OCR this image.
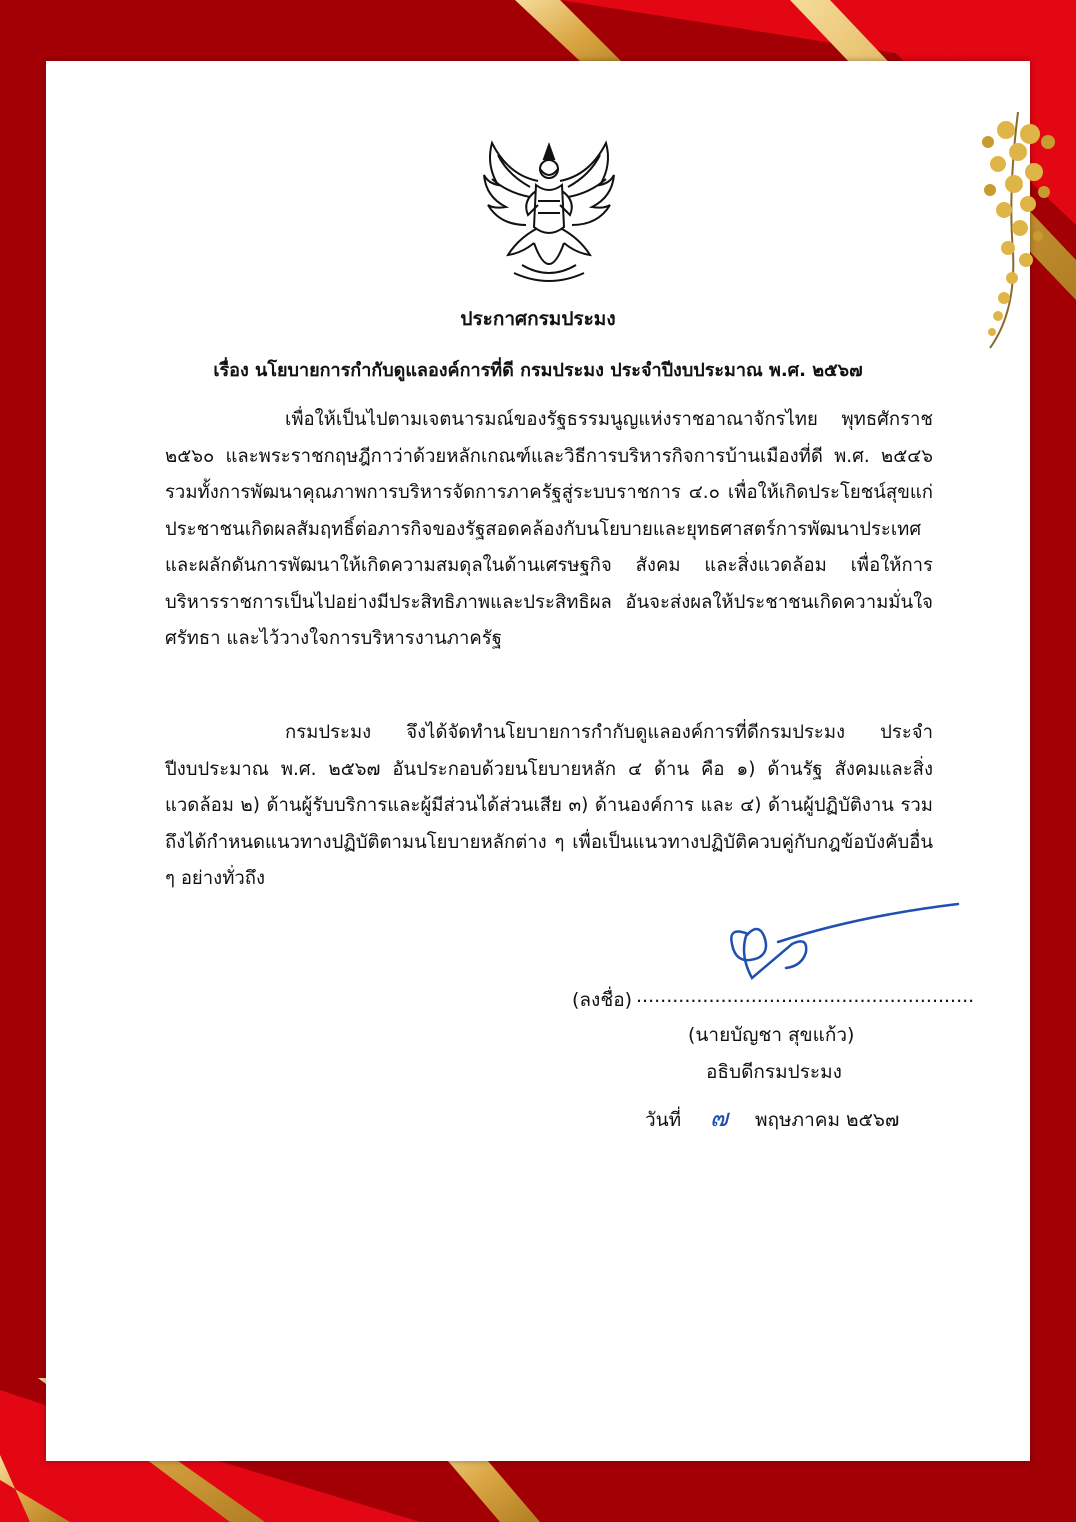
ประกาศกรมประมง
เรื่อง นโยบายการกำกับดูแลองค์การที่ดี กรมประมง ประจำปีงบประมาณ พ.ศ. ๒๕๖๗

เพื่อให้เป็นไปตามเจตนารมณ์ของรัฐธรรมนูญแห่งราชอาณาจักรไทย พุทธศักราช ๒๕๖๐ และพระราชกฤษฎีกาว่าด้วยหลักเกณฑ์และวิธีการบริหารกิจการบ้านเมืองที่ดี พ.ศ. ๒๕๔๖ รวมทั้งการพัฒนาคุณภาพการบริหารจัดการภาครัฐสู่ระบบราชการ ๔.๐ เพื่อให้เกิดประโยชน์สุขแก่ประชาชนเกิดผลสัมฤทธิ์ต่อภารกิจของรัฐสอดคล้องกับนโยบายและยุทธศาสตร์การพัฒนาประเทศ และผลักดันการพัฒนาให้เกิดความสมดุลในด้านเศรษฐกิจ สังคม และสิ่งแวดล้อม เพื่อให้การบริหารราชการเป็นไปอย่างมีประสิทธิภาพและประสิทธิผล อันจะส่งผลให้ประชาชนเกิดความมั่นใจ ศรัทธา และไว้วางใจการบริหารงานภาครัฐ

กรมประมง จึงได้จัดทำนโยบายการกำกับดูแลองค์การที่ดีกรมประมง ประจำปีงบประมาณ พ.ศ. ๒๕๖๗ อันประกอบด้วยนโยบายหลัก ๔ ด้าน คือ ๑) ด้านรัฐ สังคมและสิ่งแวดล้อม ๒) ด้านผู้รับบริการและผู้มีส่วนได้ส่วนเสีย ๓) ด้านองค์การ และ ๔) ด้านผู้ปฏิบัติงาน รวมถึงได้กำหนดแนวทางปฏิบัติตามนโยบายหลักต่าง ๆ เพื่อเป็นแนวทางปฏิบัติควบคู่กับกฎข้อบังคับอื่น ๆ อย่างทั่วถึง

(ลงชื่อ) ........................................................
(นายบัญชา สุขแก้ว)
อธิบดีกรมประมง
วันที่ ๗ พฤษภาคม ๒๕๖๗
